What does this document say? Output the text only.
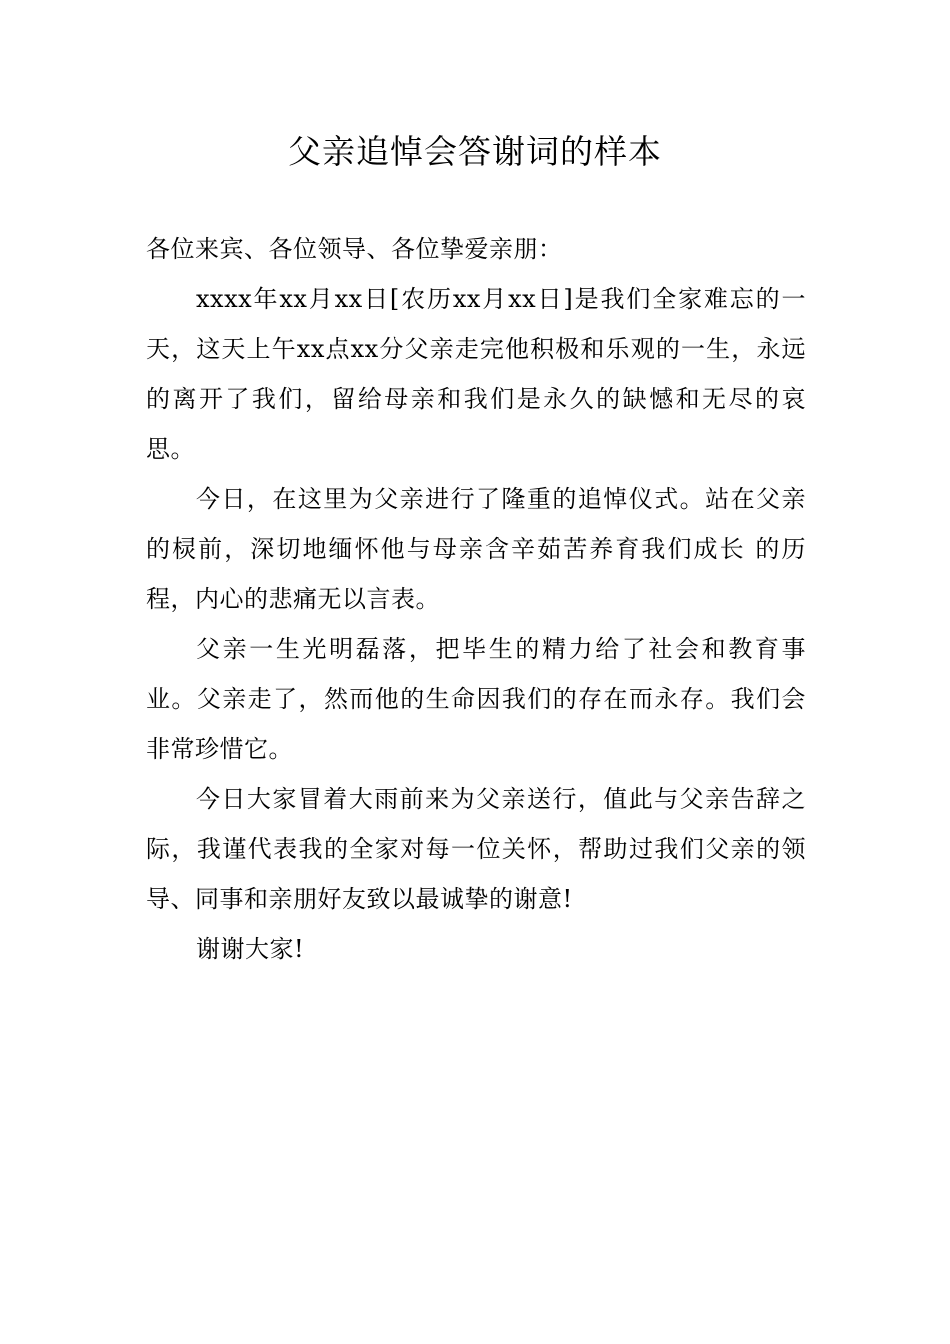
父亲追悼会答谢词的样本

各位来宾、各位领导、各位挚爱亲朋：

xxxx年xx月xx日[农历xx月xx日]是我们全家难忘的一天，这天上午xx点xx分父亲走完他积极和乐观的一生，永远的离开了我们，留给母亲和我们是永久的缺憾和无尽的哀思。

今日，在这里为父亲进行了隆重的追悼仪式。站在父亲的棂前，深切地缅怀他与母亲含辛茹苦养育我们成长 的历程，内心的悲痛无以言表。

父亲一生光明磊落，把毕生的精力给了社会和教育事业。父亲走了，然而他的生命因我们的存在而永存。我们会非常珍惜它。

今日大家冒着大雨前来为父亲送行，值此与父亲告辞之际，我谨代表我的全家对每一位关怀，帮助过我们父亲的领导、同事和亲朋好友致以最诚挚的谢意!

谢谢大家!
